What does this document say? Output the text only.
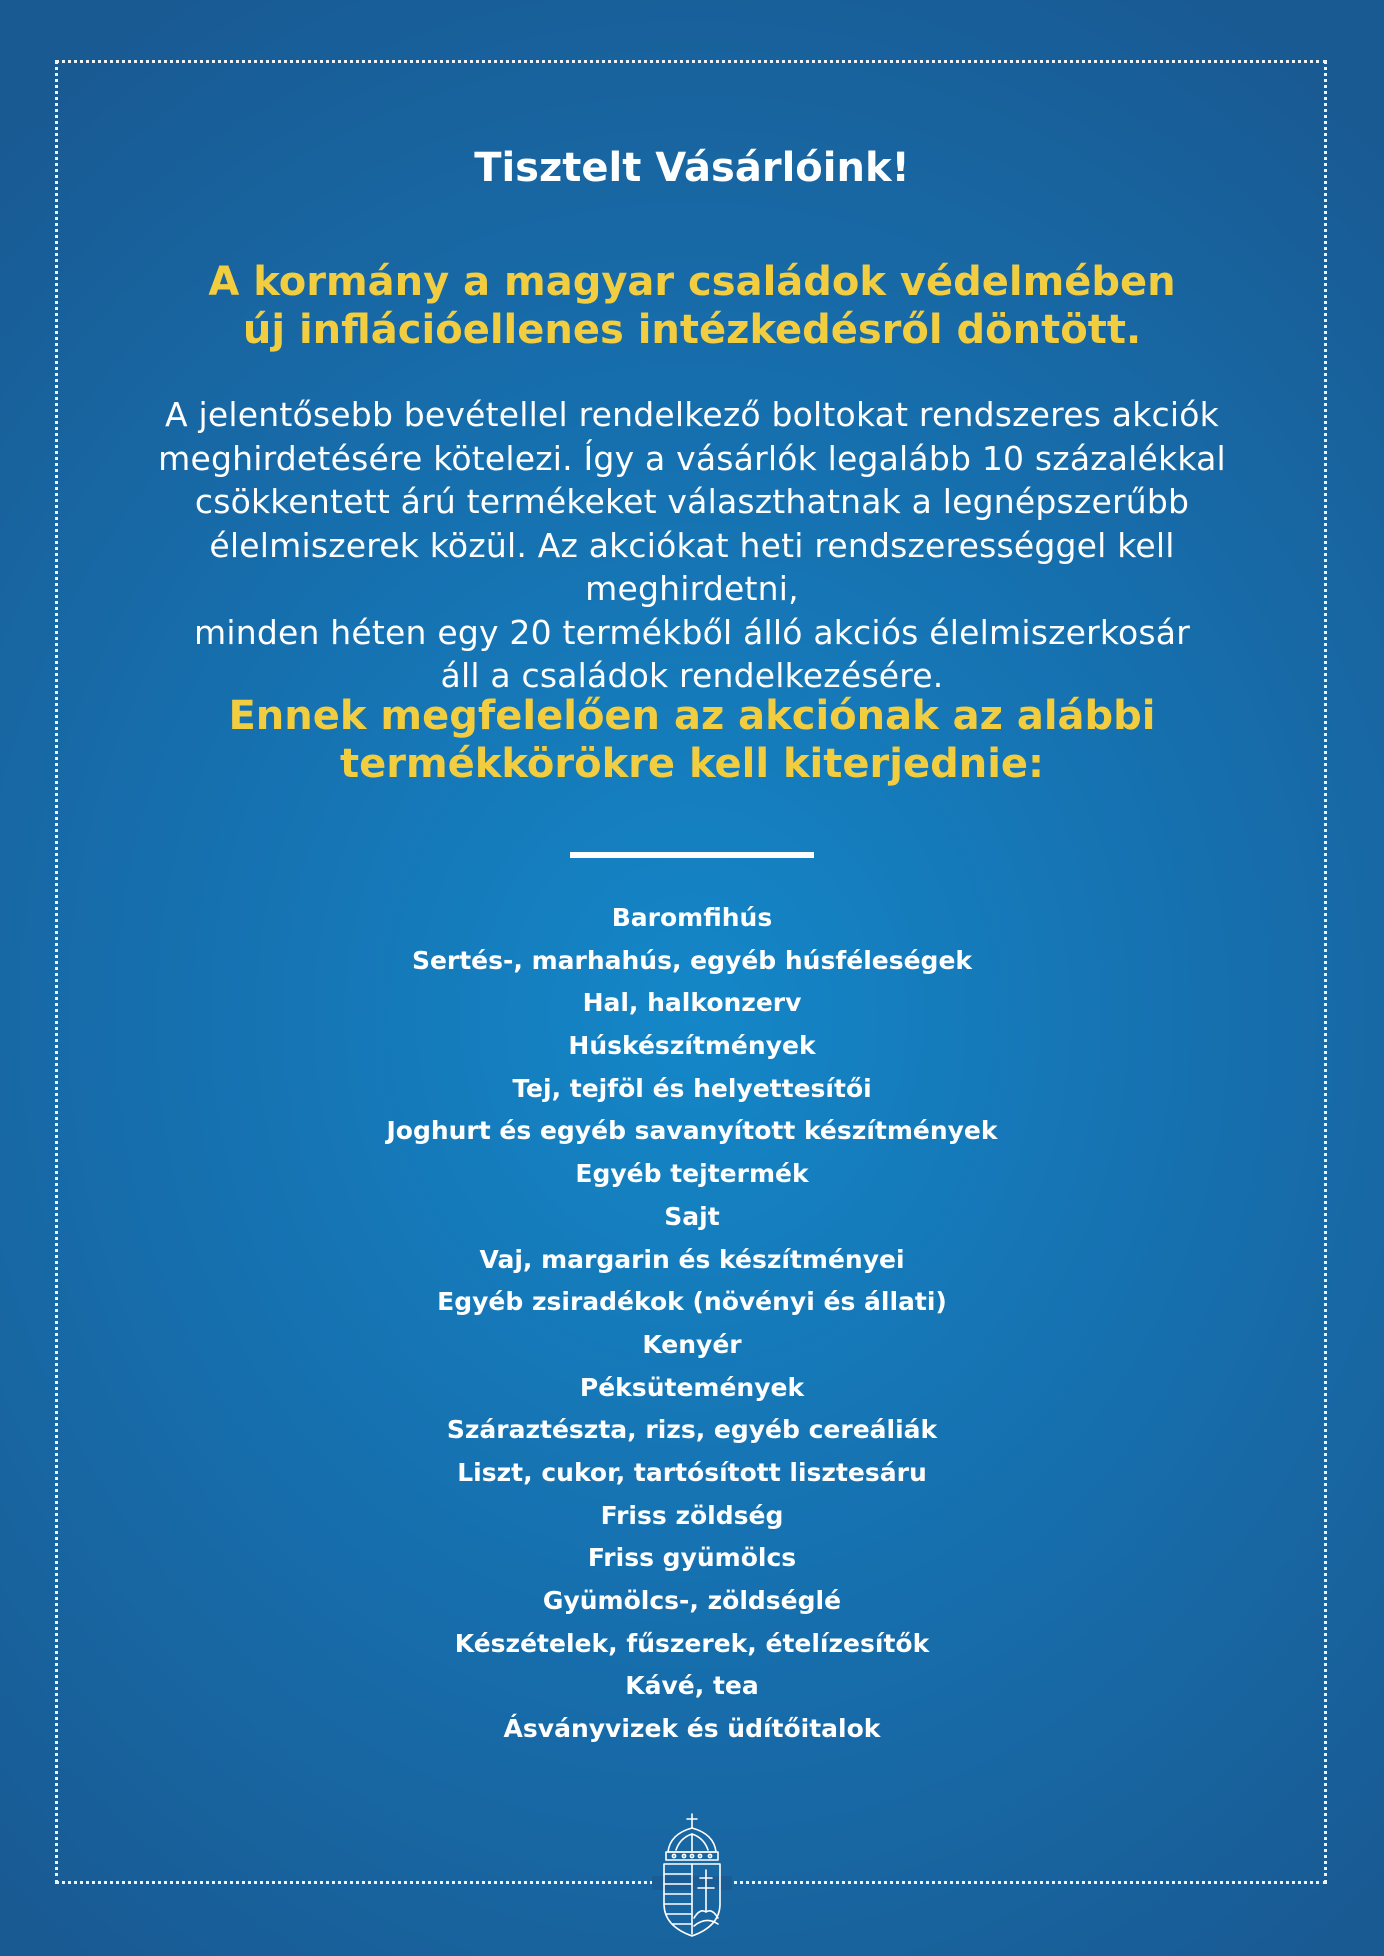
Tisztelt Vásárlóink!
A kormány a magyar családok védelmében
új inflációellenes intézkedésről döntött.

A jelentősebb bevétellel rendelkező boltokat rendszeres akciók
meghirdetésére kötelezi. Így a vásárlók legalább 10 százalékkal
csökkentett árú termékeket választhatnak a legnépszerűbb
élelmiszerek közül. Az akciókat heti rendszerességgel kell meghirdetni,
minden héten egy 20 termékből álló akciós élelmiszerkosár
áll a családok rendelkezésére.

Ennek megfelelően az akciónak az alábbi
termékkörökre kell kiterjednie:
Baromfihús
Sertés-, marhahús, egyéb húsféleségek
Hal, halkonzerv
Húskészítmények
Tej, tejföl és helyettesítői
Joghurt és egyéb savanyított készítmények
Egyéb tejtermék
Sajt
Vaj, margarin és készítményei
Egyéb zsiradékok (növényi és állati)
Kenyér
Péksütemények
Száraztészta, rizs, egyéb cereáliák
Liszt, cukor, tartósított lisztesáru
Friss zöldség
Friss gyümölcs
Gyümölcs-, zöldséglé
Készételek, fűszerek, ételízesítők
Kávé, tea
Ásványvizek és üdítőitalok
